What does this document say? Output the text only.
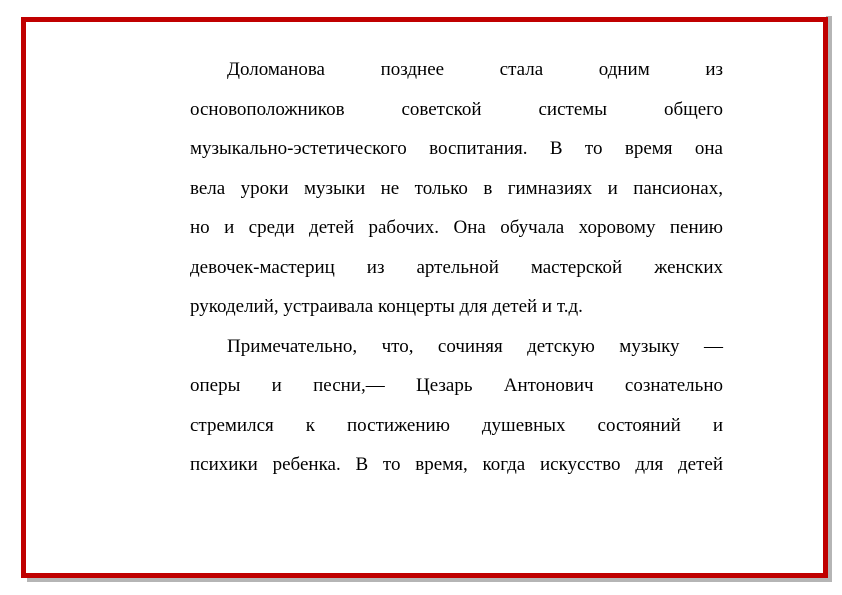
Доломанова позднее стала одним из
основоположников советской системы общего
музыкально-эстетического воспитания. В то время она
вела уроки музыки не только в гимназиях и пансионах,
но и среди детей рабочих. Она обучала хоровому пению
девочек-мастериц из артельной мастерской женских
рукоделий, устраивала концерты для детей и т.д.

Примечательно, что, сочиняя детскую музыку —
оперы и песни,— Цезарь Антонович сознательно
стремился к постижению душевных состояний и
психики ребенка. В то время, когда искусство для детей
